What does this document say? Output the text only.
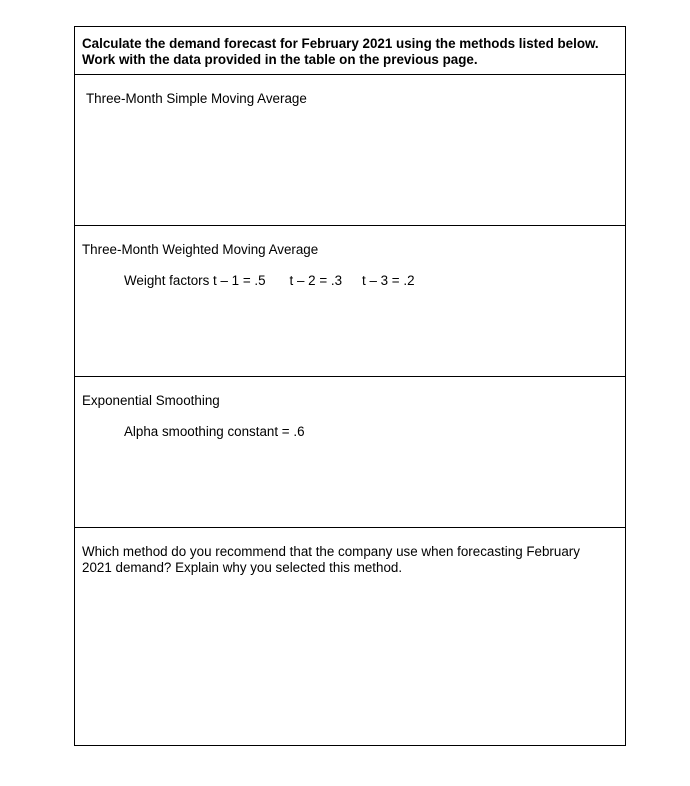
Calculate the demand forecast for February 2021 using the methods listed below. Work with the data provided in the table on the previous page.
Three-Month Simple Moving Average
Three-Month Weighted Moving Average
Weight factors t – 1 = .5 t – 2 = .3 t – 3 = .2
Exponential Smoothing
Alpha smoothing constant = .6
Which method do you recommend that the company use when forecasting February 2021 demand? Explain why you selected this method.
